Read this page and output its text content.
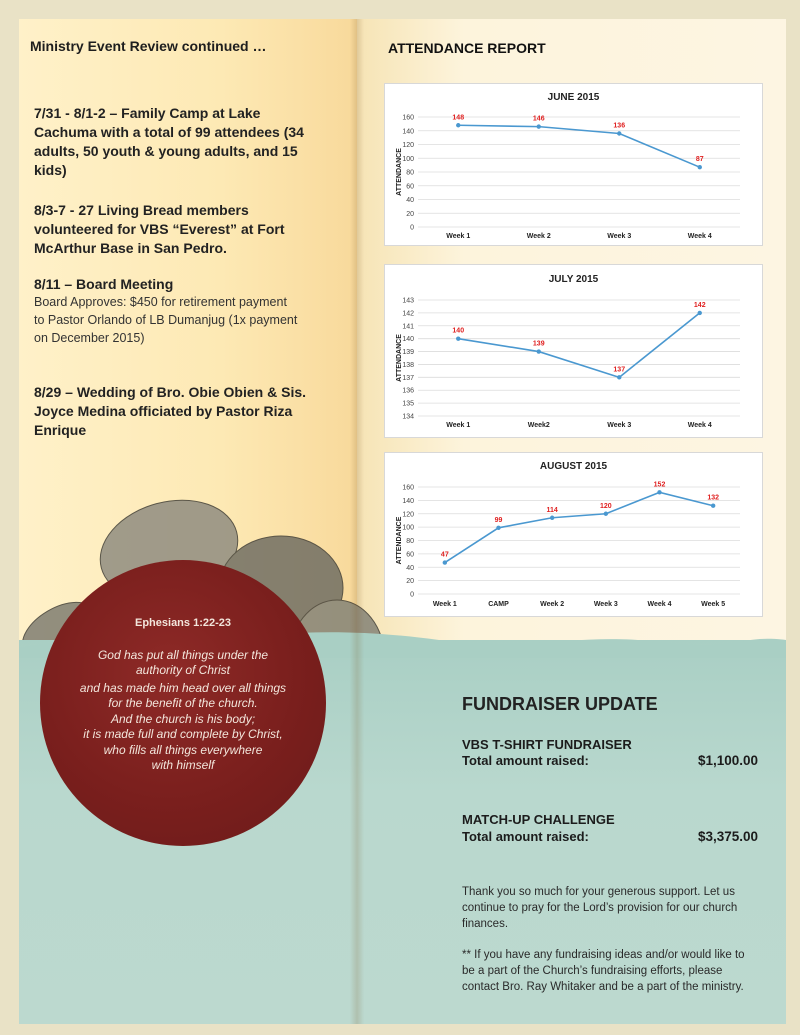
Ministry Event Review continued …
7/31 - 8/1-2 – Family Camp at Lake
Cachuma with a total of 99 attendees (34
adults, 50 youth & young adults, and 15
kids)
8/3-7 - 27 Living Bread members
volunteered for VBS “Everest” at Fort
McArthur Base in San Pedro.
8/11 – Board Meeting
Board Approves: $450 for retirement payment
to Pastor Orlando of LB Dumanjug (1x payment
on December 2015)
8/29 – Wedding of Bro. Obie Obien & Sis.
Joyce Medina officiated by Pastor Riza
Enrique
Ephesians 1:22-23
God has put all things under the
authority of Christ
and has made him head over all things
for the benefit of the church.
And the church is his body;
it is made full and complete by Christ,
who fills all things everywhere
with himself
ATTENDANCE REPORT
JUNE 2015
ATTENDANCE
0
20
40
60
80
100
120
140
160
Week 1	Week 2	Week 3	Week 4
148	146
136
87
JULY 2015
ATTENDANCE
134
135
136
137
138
139
140
141
142
143
Week 1	Week2	Week 3	Week 4
140
139
137
142
AUGUST 2015
ATTENDANCE
0
20
40
60
80
100
120
140
160
Week 1	CAMP	Week 2	Week 3	Week 4	Week 5
47
99
114
120
152
132
FUNDRAISER UPDATE
VBS T-SHIRT FUNDRAISER
Total amount raised:	$1,100.00
MATCH-UP CHALLENGE
Total amount raised:	$3,375.00
Thank you so much for your generous support. Let us
continue to pray for the Lord’s provision for our church
finances.
** If you have any fundraising ideas and/or would like to
be a part of the Church’s fundraising efforts, please
contact Bro. Ray Whitaker and be a part of the ministry.
